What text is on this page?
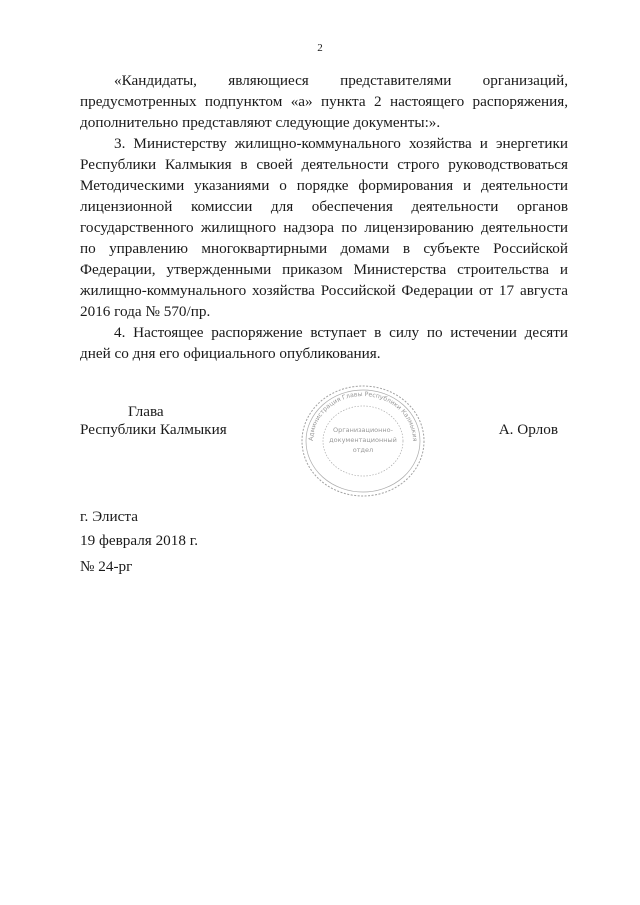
2

«Кандидаты, являющиеся представителями организаций, предусмотренных подпунктом «а» пункта 2 настоящего распоряжения, дополнительно представляют следующие документы:».

3. Министерству жилищно-коммунального хозяйства и энергетики Республики Калмыкия в своей деятельности строго руководствоваться Методическими указаниями о порядке формирования и деятельности лицензионной комиссии для обеспечения деятельности органов государственного жилищного надзора по лицензированию деятельности по управлению многоквартирными домами в субъекте Российской Федерации, утвержденными приказом Министерства строительства и жилищно-коммунального хозяйства Российской Федерации от 17 августа 2016 года № 570/пр.

4. Настоящее распоряжение вступает в силу по истечении десяти дней со дня его официального опубликования.

Глава
Республики Калмыкия
Администрация Главы Республики Калмыкия
Организационно-
документационный
отдел
А. Орлов
г. Элиста
19 февраля 2018 г.
№ 24-рг
